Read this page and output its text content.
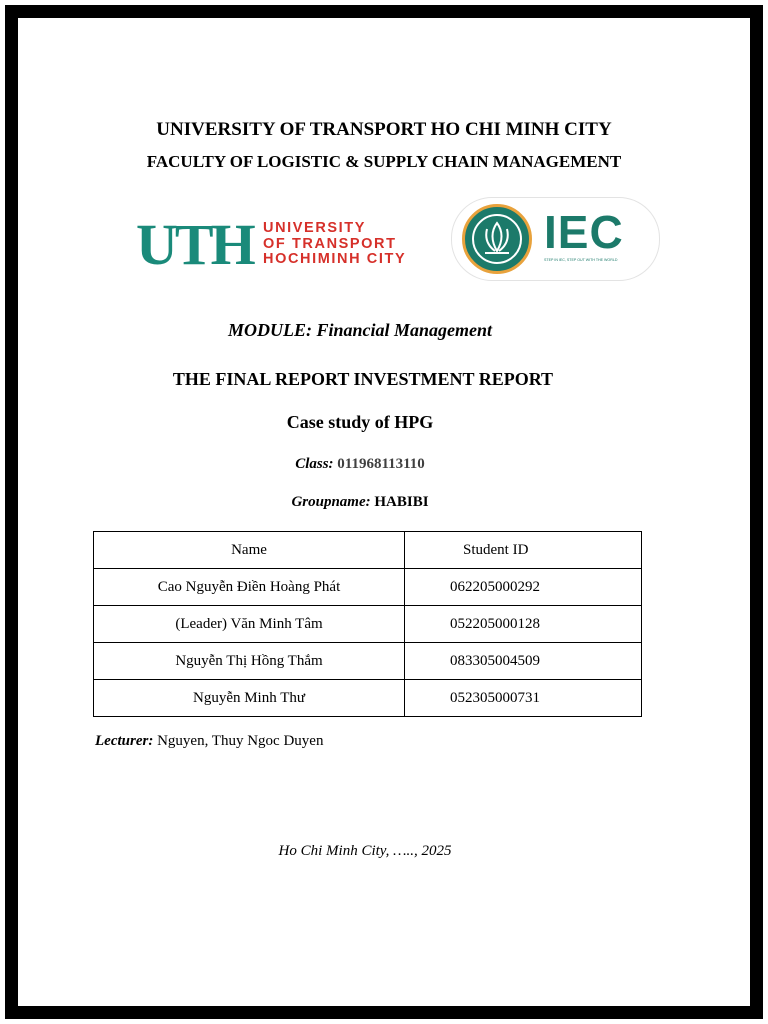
UNIVERSITY OF TRANSPORT HO CHI MINH CITY
FACULTY OF LOGISTIC & SUPPLY CHAIN MANAGEMENT
UTH UNIVERSITY
OF TRANSPORT
HOCHIMINH CITY
IEC
STEP IN IEC, STEP OUT WITH THE WORLD
MODULE: Financial Management
THE FINAL REPORT INVESTMENT REPORT
Case study of HPG
Class: 011968113110
Groupname: HABIBI
Name	Student ID
Cao Nguyễn Điền Hoàng Phát	062205000292
(Leader) Văn Minh Tâm	052205000128
Nguyễn Thị Hồng Thắm	083305004509
Nguyễn Minh Thư	052305000731
Lecturer: Nguyen, Thuy Ngoc Duyen
Ho Chi Minh City, ….., 2025
